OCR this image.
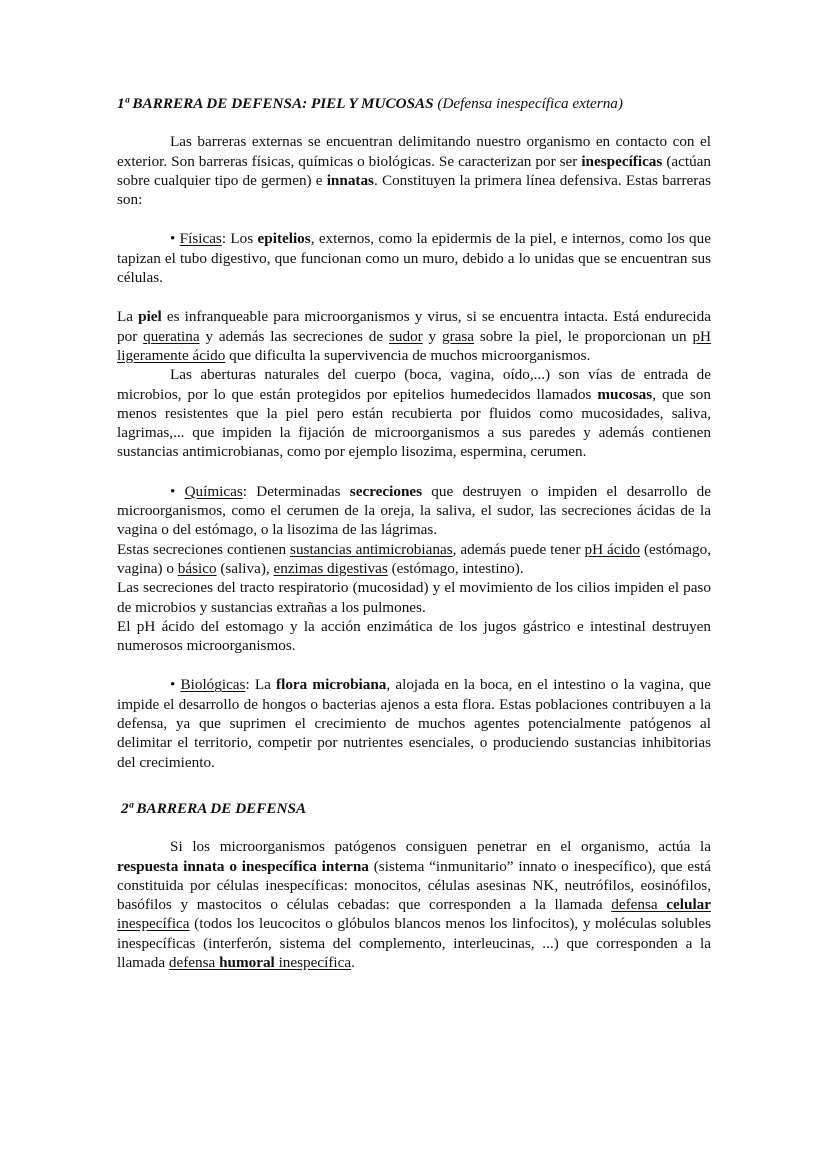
1ª BARRERA DE DEFENSA: PIEL Y MUCOSAS (Defensa inespecífica externa)

Las barreras externas se encuentran delimitando nuestro organismo en contacto con el exterior. Son barreras físicas, químicas o biológicas. Se caracterizan por ser inespecíficas (actúan sobre cualquier tipo de germen) e innatas. Constituyen la primera línea defensiva. Estas barreras son:

• Físicas: Los epitelios, externos, como la epidermis de la piel, e internos, como los que tapizan el tubo digestivo, que funcionan como un muro, debido a lo unidas que se encuentran sus células.

La piel es infranqueable para microorganismos y virus, si se encuentra intacta. Está endurecida por queratina y además las secreciones de sudor y grasa sobre la piel, le proporcionan un pH ligeramente ácido que dificulta la supervivencia de muchos microorganismos.

Las aberturas naturales del cuerpo (boca, vagina, oído,...) son vías de entrada de microbios, por lo que están protegidos por epitelios humedecidos llamados mucosas, que son menos resistentes que la piel pero están recubierta por fluidos como mucosidades, saliva, lagrimas,... que impiden la fijación de microorganismos a sus paredes y además contienen sustancias antimicrobianas, como por ejemplo lisozima, espermina, cerumen.

• Químicas: Determinadas secreciones que destruyen o impiden el desarrollo de microorganismos, como el cerumen de la oreja, la saliva, el sudor, las secreciones ácidas de la vagina o del estómago, o la lisozima de las lágrimas.

Estas secreciones contienen sustancias antimicrobianas, además puede tener pH ácido (estómago, vagina) o básico (saliva), enzimas digestivas (estómago, intestino).

Las secreciones del tracto respiratorio (mucosidad) y el movimiento de los cilios impiden el paso de microbios y sustancias extrañas a los pulmones.

El pH ácido del estomago y la acción enzimática de los jugos gástrico e intestinal destruyen numerosos microorganismos.

• Biológicas: La flora microbiana, alojada en la boca, en el intestino o la vagina, que impide el desarrollo de hongos o bacterias ajenos a esta flora. Estas poblaciones contribuyen a la defensa, ya que suprimen el crecimiento de muchos agentes potencialmente patógenos al delimitar el territorio, competir por nutrientes esenciales, o produciendo sustancias inhibitorias del crecimiento.

2ª BARRERA DE DEFENSA

Si los microorganismos patógenos consiguen penetrar en el organismo, actúa la respuesta innata o inespecífica interna (sistema “inmunitario” innato o inespecífico), que está constituida por células inespecíficas: monocitos, células asesinas NK, neutrófilos, eosinófilos, basófilos y mastocitos o células cebadas: que corresponden a la llamada defensa celular inespecífica (todos los leucocitos o glóbulos blancos menos los linfocitos), y moléculas solubles inespecíficas (interferón, sistema del complemento, interleucinas, ...) que corresponden a la llamada defensa humoral inespecífica.
